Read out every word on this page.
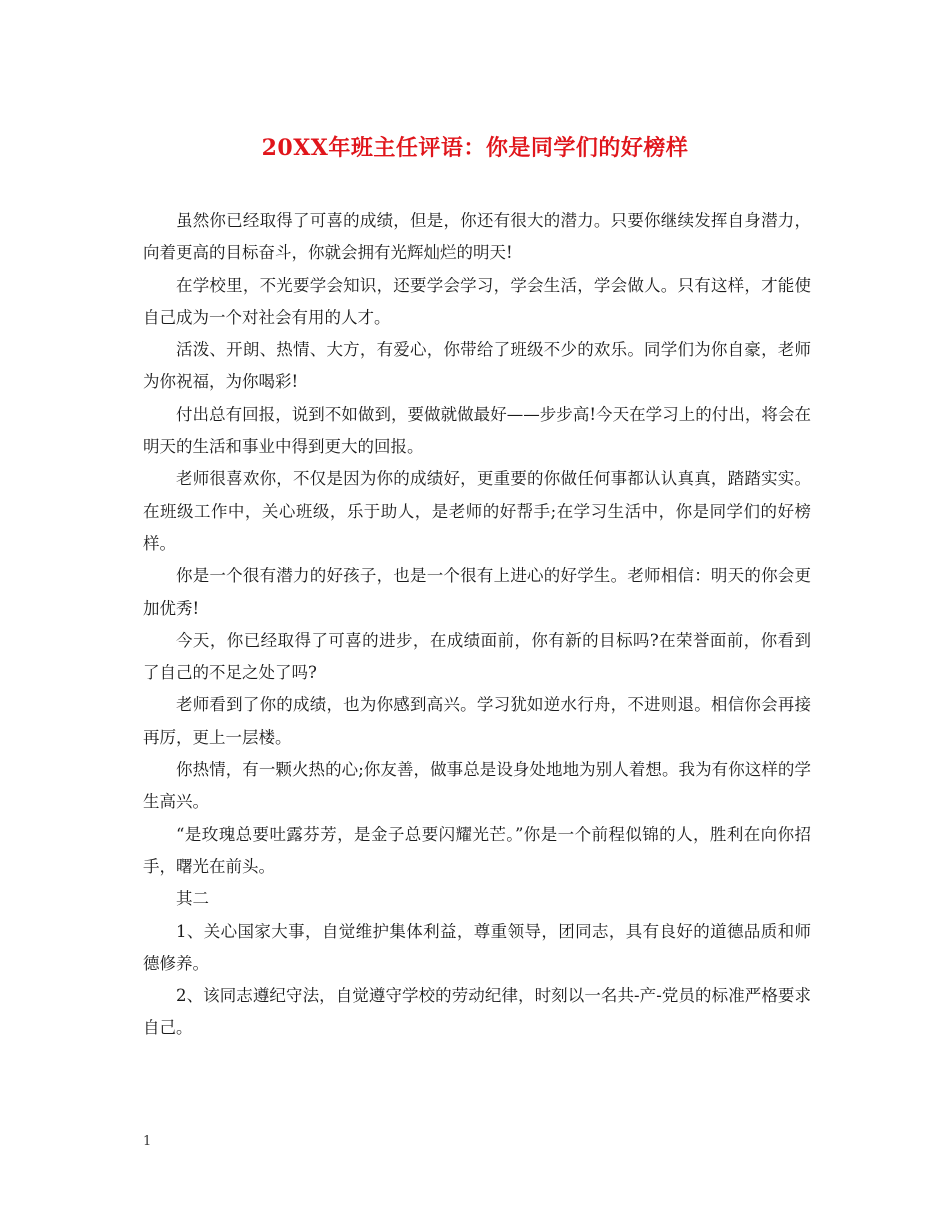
20XX年班主任评语：你是同学们的好榜样

虽然你已经取得了可喜的成绩，但是，你还有很大的潜力。只要你继续发挥自身潜力，向着更高的目标奋斗，你就会拥有光辉灿烂的明天!

在学校里，不光要学会知识，还要学会学习，学会生活，学会做人。只有这样，才能使自己成为一个对社会有用的人才。

活泼、开朗、热情、大方，有爱心，你带给了班级不少的欢乐。同学们为你自豪，老师为你祝福，为你喝彩!

付出总有回报，说到不如做到，要做就做最好——步步高!今天在学习上的付出，将会在明天的生活和事业中得到更大的回报。

老师很喜欢你，不仅是因为你的成绩好，更重要的你做任何事都认认真真，踏踏实实。在班级工作中，关心班级，乐于助人，是老师的好帮手;在学习生活中，你是同学们的好榜样。

你是一个很有潜力的好孩子，也是一个很有上进心的好学生。老师相信：明天的你会更加优秀!

今天，你已经取得了可喜的进步，在成绩面前，你有新的目标吗?在荣誉面前，你看到了自己的不足之处了吗?

老师看到了你的成绩，也为你感到高兴。学习犹如逆水行舟，不进则退。相信你会再接再厉，更上一层楼。

你热情，有一颗火热的心;你友善，做事总是设身处地地为别人着想。我为有你这样的学生高兴。

“是玫瑰总要吐露芬芳，是金子总要闪耀光芒。”你是一个前程似锦的人，胜利在向你招手，曙光在前头。

其二

1、关心国家大事，自觉维护集体利益，尊重领导，团同志，具有良好的道德品质和师德修养。

2、该同志遵纪守法，自觉遵守学校的劳动纪律，时刻以一名共-产-党员的标准严格要求自己。

1
